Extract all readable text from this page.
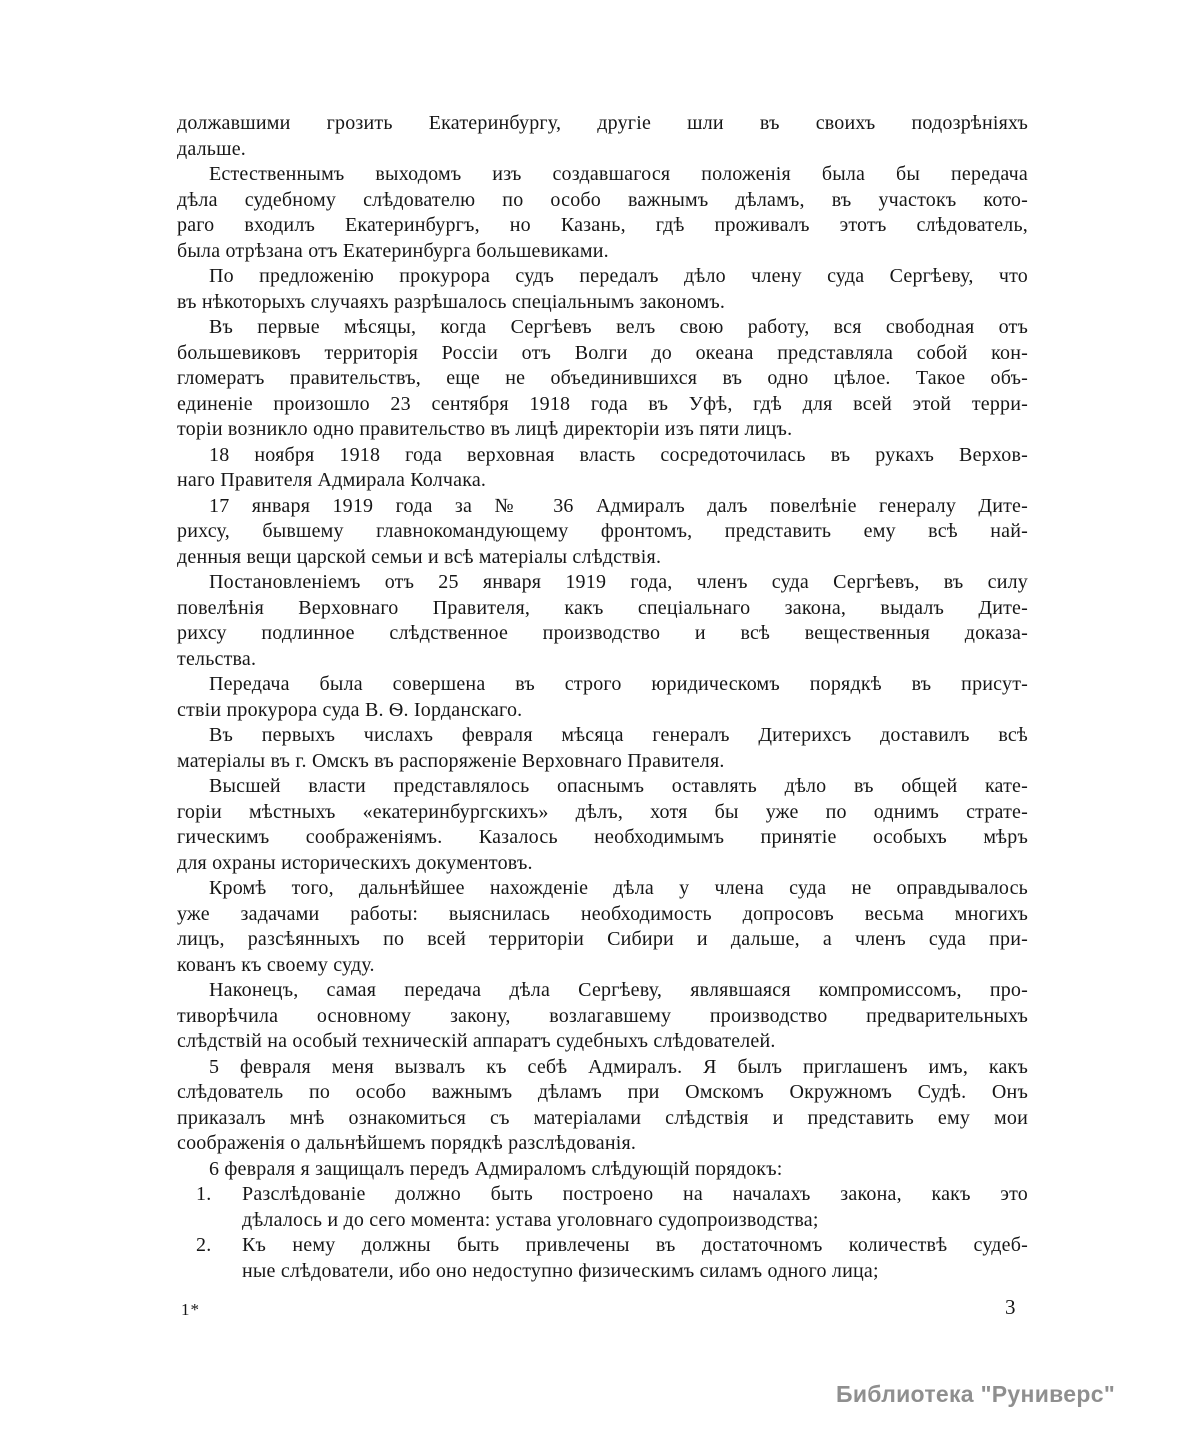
должавшими грозить Екатеринбургу, другіе шли въ своихъ подозрѣніяхъ
дальше.
Естественнымъ выходомъ изъ создавшагося положенія была бы передача
дѣла судебному слѣдователю по особо важнымъ дѣламъ, въ участокъ кото-
раго входилъ Екатеринбургъ, но Казань, гдѣ проживалъ этотъ слѣдователь,
была отрѣзана отъ Екатеринбурга большевиками.
По предложенію прокурора судъ передалъ дѣло члену суда Сергѣеву, что
въ нѣкоторыхъ случаяхъ разрѣшалось спеціальнымъ закономъ.
Въ первые мѣсяцы, когда Сергѣевъ велъ свою работу, вся свободная отъ
большевиковъ территорія Россіи отъ Волги до океана представляла собой кон-
гломератъ правительствъ, еще не объединившихся въ одно цѣлое. Такое объ-
единеніе произошло 23 сентября 1918 года въ Уфѣ, гдѣ для всей этой терри-
торіи возникло одно правительство въ лицѣ директоріи изъ пяти лицъ.
18 ноября 1918 года верховная власть сосредоточилась въ рукахъ Верхов-
наго Правителя Адмирала Колчака.
17 января 1919 года за № 36 Адмиралъ далъ повелѣніе генералу Дите-
рихсу, бывшему главнокомандующему фронтомъ, представить ему всѣ най-
денныя вещи царской семьи и всѣ матеріалы слѣдствія.
Постановленіемъ отъ 25 января 1919 года, членъ суда Сергѣевъ, въ силу
повелѣнія Верховнаго Правителя, какъ спеціальнаго закона, выдалъ Дите-
рихсу подлинное слѣдственное производство и всѣ вещественныя доказа-
тельства.
Передача была совершена въ строго юридическомъ порядкѣ въ присут-
ствіи прокурора суда В. Ѳ. Іорданскаго.
Въ первыхъ числахъ февраля мѣсяца генералъ Дитерихсъ доставилъ всѣ
матеріалы въ г. Омскъ въ распоряженіе Верховнаго Правителя.
Высшей власти представлялось опаснымъ оставлять дѣло въ общей кате-
горіи мѣстныхъ «екатеринбургскихъ» дѣлъ, хотя бы уже по однимъ страте-
гическимъ соображеніямъ. Казалось необходимымъ принятіе особыхъ мѣръ
для охраны историческихъ документовъ.
Кромѣ того, дальнѣйшее нахожденіе дѣла у члена суда не оправдывалось
уже задачами работы: выяснилась необходимость допросовъ весьма многихъ
лицъ, разсѣянныхъ по всей территоріи Сибири и дальше, а членъ суда при-
кованъ къ своему суду.
Наконецъ, самая передача дѣла Сергѣеву, являвшаяся компромиссомъ, про-
тиворѣчила основному закону, возлагавшему производство предварительныхъ
слѣдствій на особый техническій аппаратъ судебныхъ слѣдователей.
5 февраля меня вызвалъ къ себѣ Адмиралъ. Я былъ приглашенъ имъ, какъ
слѣдователь по особо важнымъ дѣламъ при Омскомъ Окружномъ Судѣ. Онъ
приказалъ мнѣ ознакомиться съ матеріалами слѣдствія и представить ему мои
соображенія о дальнѣйшемъ порядкѣ разслѣдованія.
6 февраля я защищалъ передъ Адмираломъ слѣдующій порядокъ:
1. Разслѣдованіе должно быть построено на началахъ закона, какъ это
дѣлалось и до сего момента: устава уголовнаго судопроизводства;
2. Къ нему должны быть привлечены въ достаточномъ количествѣ судеб-
ные слѣдователи, ибо оно недоступно физическимъ силамъ одного лица;
1*	3
Библиотека "Руниверс"
